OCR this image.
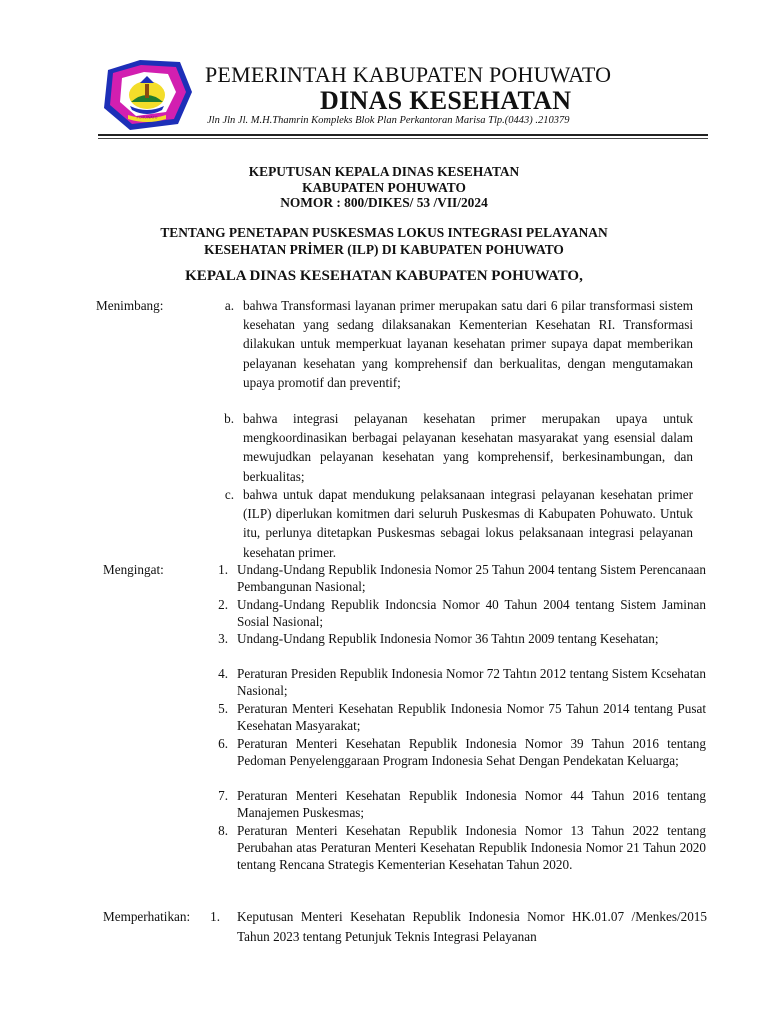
POHUWATO
PEMERINTAH KABUPATEN POHUWATO
DINAS KESEHATAN
Jln Jln Jl. M.H.Thamrin Kompleks Blok Plan Perkantoran Marisa Tlp.(0443) .210379
KEPUTUSAN KEPALA DINAS KESEHATAN
KABUPATEN POHUWATO
NOMOR : 800/DIKES/ 53 /VII/2024
TENTANG PENETAPAN PUSKESMAS LOKUS INTEGRASI PELAYANAN
KESEHATAN PRİMER (ILP) DI KABUPATEN POHUWATO
KEPALA DINAS KESEHATAN KABUPATEN POHUWATO,
Menimbang:	a. bahwa Transformasi layanan primer merupakan satu dari 6 pilar transformasi sistem kesehatan yang sedang dilaksanakan Kementerian Kesehatan RI. Transformasi dilakukan untuk memperkuat layanan kesehatan primer supaya dapat memberikan pelayanan kesehatan yang komprehensif dan berkualitas, dengan mengutamakan upaya promotif dan preventif;
b. bahwa integrasi pelayanan kesehatan primer merupakan upaya untuk mengkoordinasikan berbagai pelayanan kesehatan masyarakat yang esensial dalam mewujudkan pelayanan kesehatan yang komprehensif, berkesinambungan, dan berkualitas;
c. bahwa untuk dapat mendukung pelaksanaan integrasi pelayanan kesehatan primer (ILP) diperlukan komitmen dari seluruh Puskesmas di Kabupaten Pohuwato. Untuk itu, perlunya ditetapkan Puskesmas sebagai lokus pelaksanaan integrasi pelayanan kesehatan primer.
Mengingat:	1. Undang-Undang Republik Indonesia Nomor 25 Tahun 2004 tentang Sistem Perencanaan Pembangunan Nasional;
2. Undang-Undang Republik Indoncsia Nomor 40 Tahun 2004 tentang Sistem Jaminan Sosial Nasional;
3. Undang-Undang Republik Indonesia Nomor 36 Tahtın 2009 tentang Kesehatan;
4. Peraturan Presiden Republik Indonesia Nomor 72 Tahtın 2012 tentang Sistem Kcsehatan Nasional;
5. Peraturan Menteri Kesehatan Republik Indonesia Nomor 75 Tahun 2014 tentang Pusat Kesehatan Masyarakat;
6. Peraturan Menteri Kesehatan Republik Indonesia Nomor 39 Tahun 2016 tentang Pedoman Penyelenggaraan Program Indonesia Sehat Dengan Pendekatan Keluarga;
7. Peraturan Menteri Kesehatan Republik Indonesia Nomor 44 Tahun 2016 tentang Manajemen Puskesmas;
8. Peraturan Menteri Kesehatan Republik Indonesia Nomor 13 Tahun 2022 tentang Perubahan atas Peraturan Menteri Kesehatan Republik Indonesia Nomor 21 Tahun 2020 tentang Rencana Strategis Kementerian Kesehatan Tahun 2020.
Memperhatikan:	1. Keputusan Menteri Kesehatan Republik Indonesia Nomor HK.01.07 /Menkes/2015 Tahun 2023 tentang Petunjuk Teknis Integrasi Pelayanan
